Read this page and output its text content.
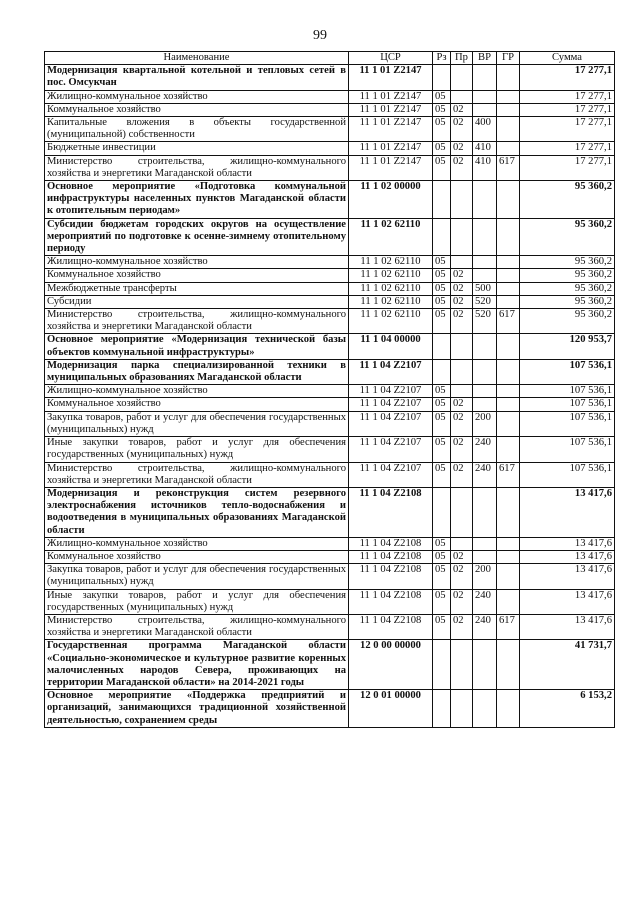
99
Наименование	ЦСР	Рз	Пр	ВР	ГР	Сумма
Модернизация квартальной котельной и тепловых сетей в пос. Омсукчан	11 1 01 Z2147					17 277,1
Жилищно-коммунальное хозяйство	11 1 01 Z2147	05				17 277,1
Коммунальное хозяйство	11 1 01 Z2147	05	02			17 277,1
Капитальные вложения в объекты государственной (муниципальной) собственности	11 1 01 Z2147	05	02	400		17 277,1
Бюджетные инвестиции	11 1 01 Z2147	05	02	410		17 277,1
Министерство строительства, жилищно-коммунального хозяйства и энергетики Магаданской области	11 1 01 Z2147	05	02	410	617	17 277,1
Основное мероприятие «Подготовка коммунальной инфраструктуры населенных пунктов Магаданской области к отопительным периодам»	11 1 02 00000					95 360,2
Субсидии бюджетам городских округов на осуществление мероприятий по подготовке к осенне-зимнему отопительному периоду	11 1 02 62110					95 360,2
Жилищно-коммунальное хозяйство	11 1 02 62110	05				95 360,2
Коммунальное хозяйство	11 1 02 62110	05	02			95 360,2
Межбюджетные трансферты	11 1 02 62110	05	02	500		95 360,2
Субсидии	11 1 02 62110	05	02	520		95 360,2
Министерство строительства, жилищно-коммунального хозяйства и энергетики Магаданской области	11 1 02 62110	05	02	520	617	95 360,2
Основное мероприятие «Модернизация технической базы объектов коммунальной инфраструктуры»	11 1 04 00000					120 953,7
Модернизация парка специализированной техники в муниципальных образованиях Магаданской области	11 1 04 Z2107					107 536,1
Жилищно-коммунальное хозяйство	11 1 04 Z2107	05				107 536,1
Коммунальное хозяйство	11 1 04 Z2107	05	02			107 536,1
Закупка товаров, работ и услуг для обеспечения государственных (муниципальных) нужд	11 1 04 Z2107	05	02	200		107 536,1
Иные закупки товаров, работ и услуг для обеспечения государственных (муниципальных) нужд	11 1 04 Z2107	05	02	240		107 536,1
Министерство строительства, жилищно-коммунального хозяйства и энергетики Магаданской области	11 1 04 Z2107	05	02	240	617	107 536,1
Модернизация и реконструкция систем резервного электроснабжения источников тепло-водоснабжения и водоотведения в муниципальных образованиях Магаданской области	11 1 04 Z2108					13 417,6
Жилищно-коммунальное хозяйство	11 1 04 Z2108	05				13 417,6
Коммунальное хозяйство	11 1 04 Z2108	05	02			13 417,6
Закупка товаров, работ и услуг для обеспечения государственных (муниципальных) нужд	11 1 04 Z2108	05	02	200		13 417,6
Иные закупки товаров, работ и услуг для обеспечения государственных (муниципальных) нужд	11 1 04 Z2108	05	02	240		13 417,6
Министерство строительства, жилищно-коммунального хозяйства и энергетики Магаданской области	11 1 04 Z2108	05	02	240	617	13 417,6
Государственная программа Магаданской области «Социально-экономическое и культурное развитие коренных малочисленных народов Севера, проживающих на территории Магаданской области» на 2014-2021 годы	12 0 00 00000					41 731,7
Основное мероприятие «Поддержка предприятий и организаций, занимающихся традиционной хозяйственной деятельностью, сохранением среды	12 0 01 00000					6 153,2
